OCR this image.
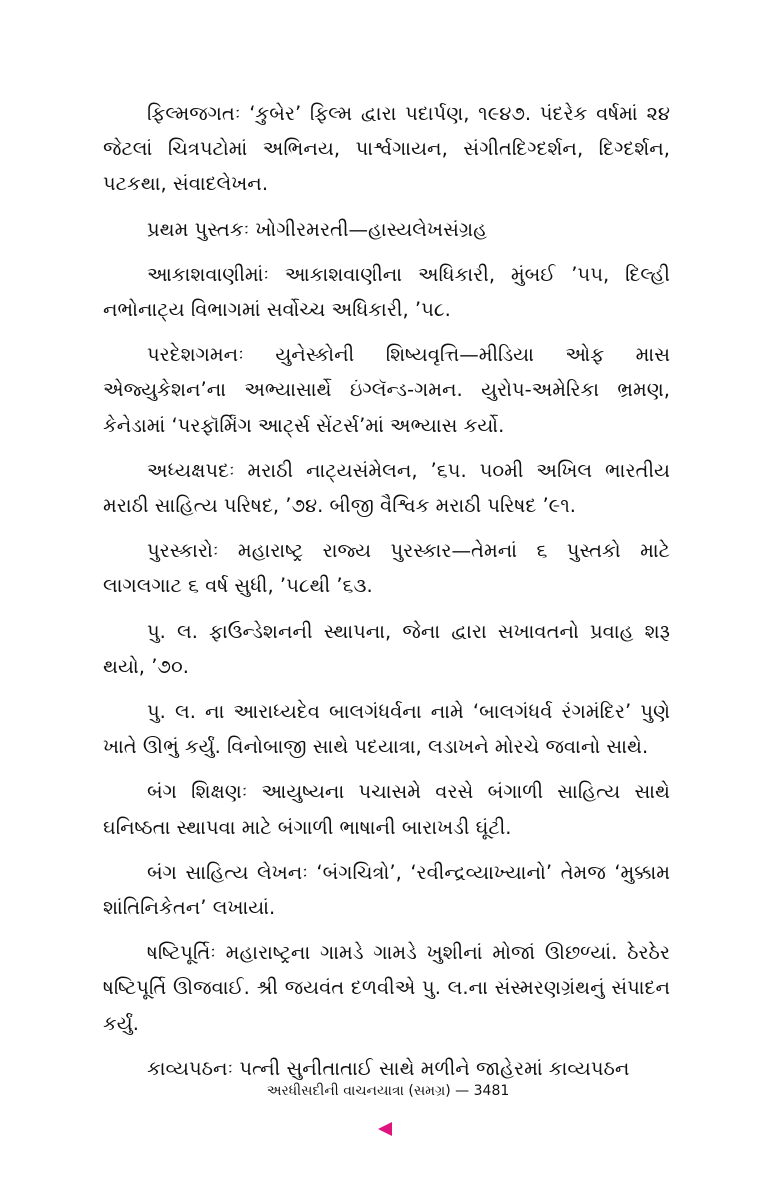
ફિલ્મજગતઃ ‘કુબેર’ ફિલ્મ દ્વારા પદાર્પણ, ૧૯૪૭. પંદરેક વર્ષમાં ૨૪ જેટલાં ચિત્રપટોમાં અભિનય, પાર્શ્વગાયન, સંગીતદિગ્દર્શન, દિગ્દર્શન, પટકથા, સંવાદલેખન.

પ્રથમ પુસ્તકઃ ખોગીરમરતી—હાસ્યલેખસંગ્રહ

આકાશવાણીમાંઃ આકાશવાણીના અધિકારી, મુંબઈ ’૫૫, દિલ્હી નભોનાટ્ય વિભાગમાં સર્વોચ્ચ અધિકારી, ’૫૮.

પરદેશગમનઃ યુનેસ્કોની શિષ્યવૃત્તિ—મીડિયા ઓફ માસ એજ્યુકેશન’ના અભ્યાસાર્થે ઇંગ્લૅન્ડ-ગમન. યુરોપ-અમેરિકા ભ્રમણ, કેનેડામાં ‘પરફૉર્મિંગ આર્ટ્સ સેંટર્સ’માં અભ્યાસ કર્યો.

અધ્યક્ષપદઃ મરાઠી નાટ્યસંમેલન, ’૬૫. ૫૦મી અખિલ ભારતીય મરાઠી સાહિત્ય પરિષદ, ’૭૪. બીજી વૈશ્વિક મરાઠી પરિષદ ’૯૧.

પુરસ્કારોઃ મહારાષ્ટ્ર રાજ્ય પુરસ્કાર—તેમનાં ૬ પુસ્તકો માટે લાગલગાટ ૬ વર્ષ સુધી, ’૫૮થી ’૬૩.

પુ. લ. ફાઉન્ડેશનની સ્થાપના, જેના દ્વારા સખાવતનો પ્રવાહ શરૂ થયો, ’૭૦.

પુ. લ. ના આરાધ્યદેવ બાલગંધર્વના નામે ‘બાલગંધર્વ રંગમંદિર’ પુણે ખાતે ઊભું કર્યું. વિનોબાજી સાથે પદયાત્રા, લડાખને મોરચે જવાનો સાથે.

બંગ શિક્ષણઃ આયુષ્યના પચાસમે વરસે બંગાળી સાહિત્ય સાથે ઘનિષ્ઠતા સ્થાપવા માટે બંગાળી ભાષાની બારાખડી ઘૂંટી.

બંગ સાહિત્ય લેખનઃ ‘બંગચિત્રો’, ‘રવીન્દ્રવ્યાખ્યાનો’ તેમજ ‘મુક્કામ શાંતિનિકેતન’ લખાયાં.

ષષ્ટિપૂર્તિઃ મહારાષ્ટ્રના ગામડે ગામડે ખુશીનાં મોજાં ઊછળ્યાં. ઠેરઠેર ષષ્ટિપૂર્તિ ઊજવાઈ. શ્રી જયવંત દળવીએ પુ. લ.ના સંસ્મરણગ્રંથનું સંપાદન કર્યું.

કાવ્યપઠનઃ પત્ની સુનીતાતાઈ સાથે મળીને જાહેરમાં કાવ્યપઠન

અરધીસદીની વાચનયાત્રા (સમગ્ર) — 3481
